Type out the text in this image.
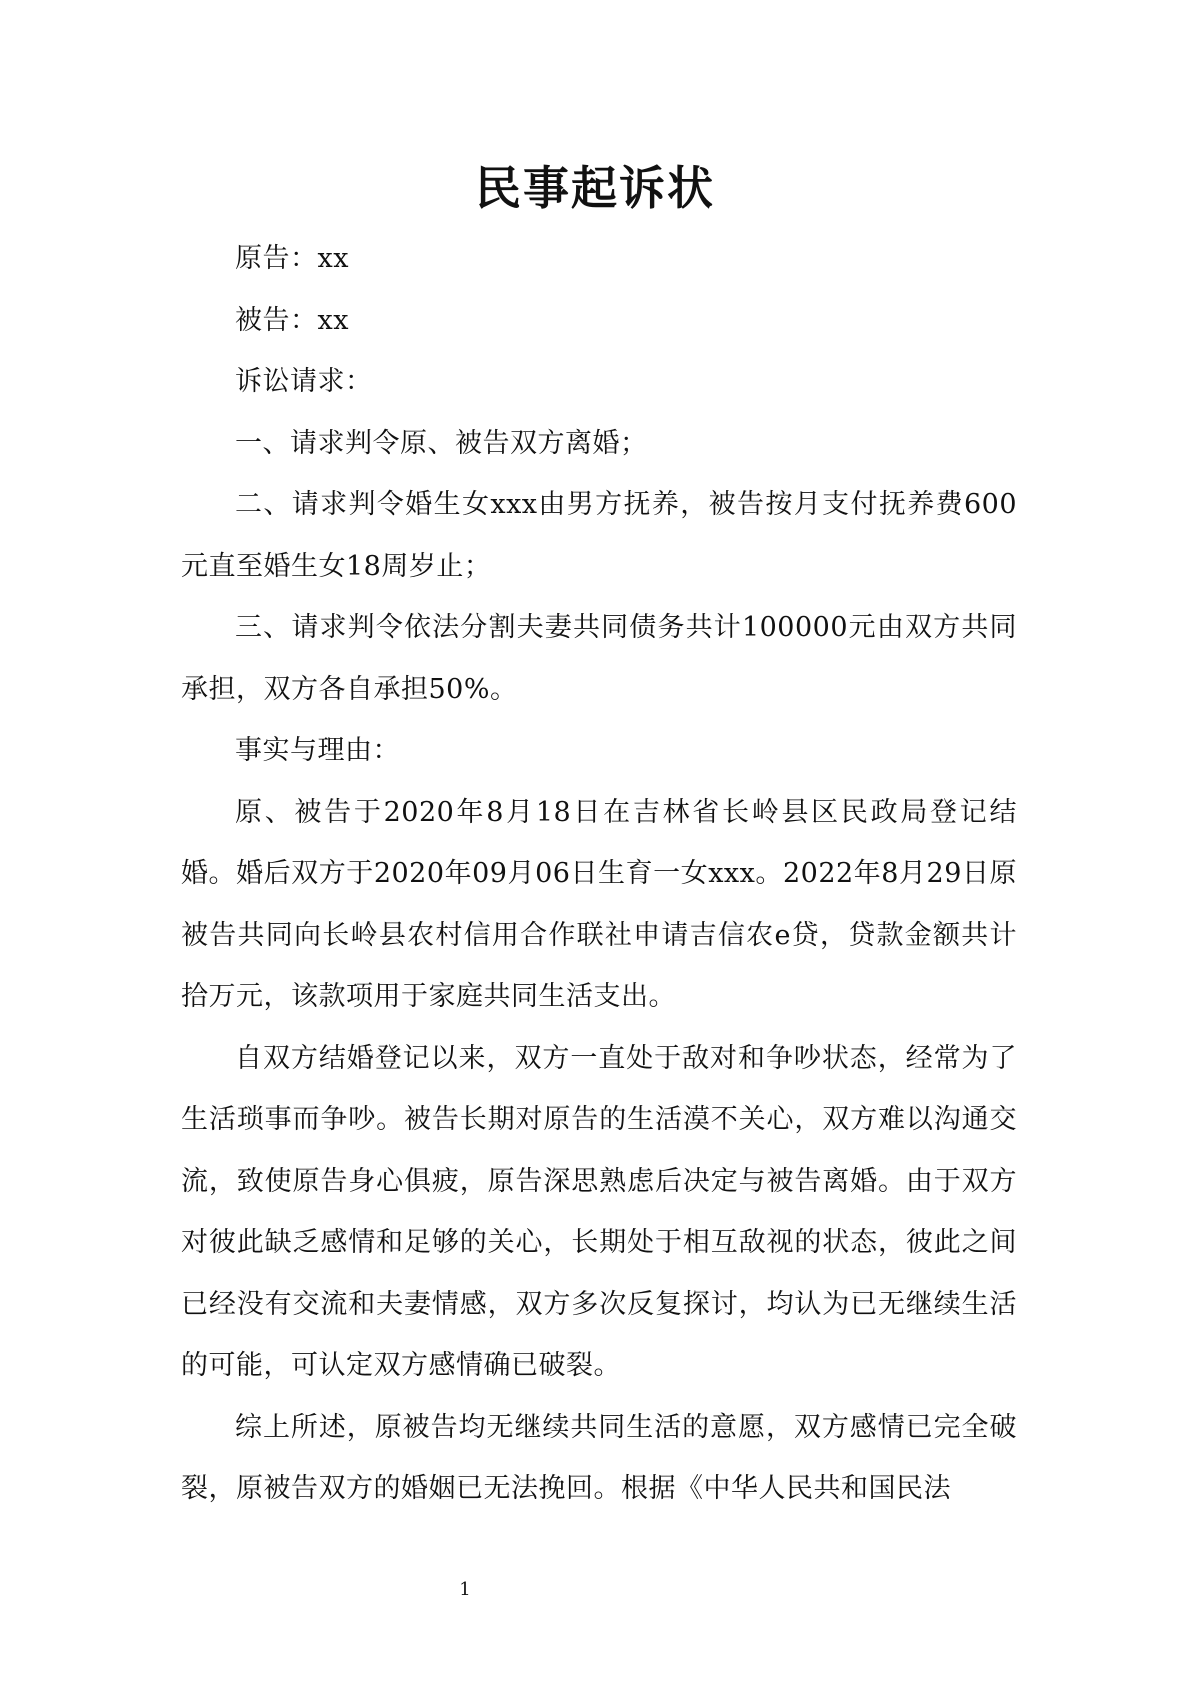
民事起诉状

原告：xx

被告：xx

诉讼请求：

一、请求判令原、被告双方离婚；

二、请求判令婚生女xxx由男方抚养，被告按月支付抚养费600元直至婚生女18周岁止；

三、请求判令依法分割夫妻共同债务共计100000元由双方共同承担，双方各自承担50%。

事实与理由：

原、被告于2020年8月18日在吉林省长岭县区民政局登记结婚。婚后双方于2020年09月06日生育一女xxx。2022年8月29日原被告共同向长岭县农村信用合作联社申请吉信农e贷，贷款金额共计拾万元，该款项用于家庭共同生活支出。

自双方结婚登记以来，双方一直处于敌对和争吵状态，经常为了生活琐事而争吵。被告长期对原告的生活漠不关心，双方难以沟通交流，致使原告身心俱疲，原告深思熟虑后决定与被告离婚。由于双方对彼此缺乏感情和足够的关心，长期处于相互敌视的状态，彼此之间已经没有交流和夫妻情感，双方多次反复探讨，均认为已无继续生活的可能，可认定双方感情确已破裂。

综上所述，原被告均无继续共同生活的意愿，双方感情已完全破裂，原被告双方的婚姻已无法挽回。根据《中华人民共和国民法

1
